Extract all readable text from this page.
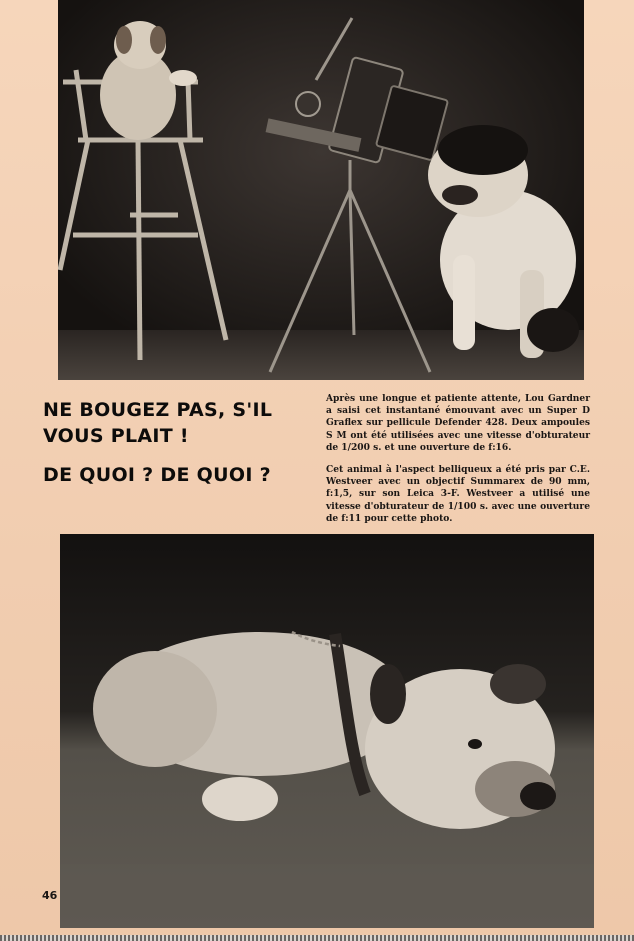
NE BOUGEZ PAS, S'IL VOUS PLAIT !
DE QUOI ? DE QUOI ?

Après une longue et patiente attente, Lou Gardner a saisi cet instantané émouvant avec un Super D Graflex sur pellicule Defender 428. Deux ampoules S M ont été utilisées avec une vitesse d'obturateur de 1/200 s. et une ouverture de f:16.

Cet animal à l'aspect belliqueux a été pris par C.E. Westveer avec un objectif Summarex de 90 mm, f:1,5, sur son Leica 3-F. Westveer a utilisé une vitesse d'obturateur de 1/100 s. avec une ouverture de f:11 pour cette photo.

46
